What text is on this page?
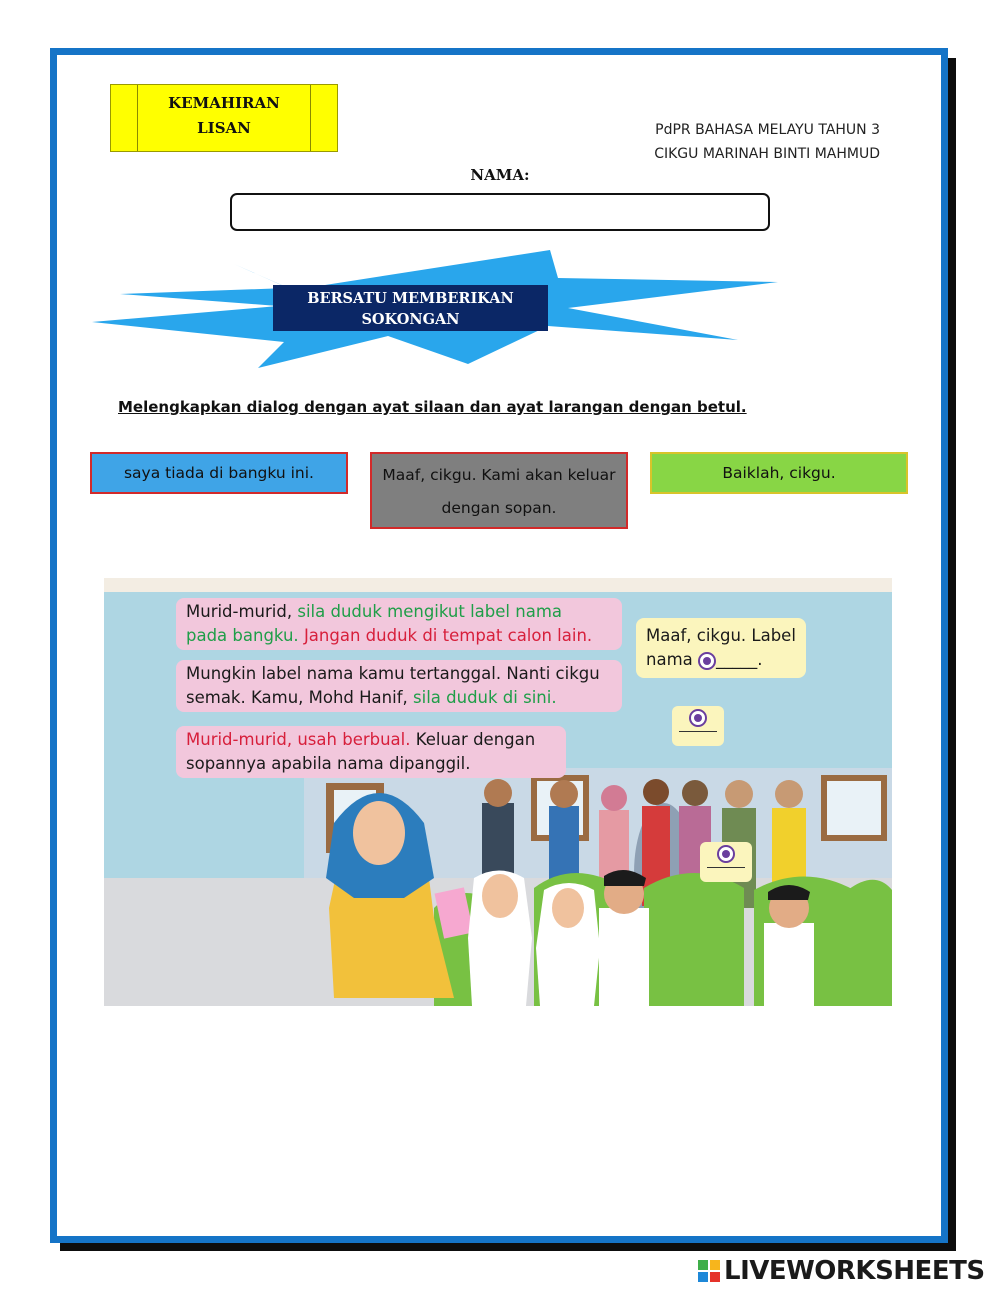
KEMAHIRAN
LISAN	PdPR BAHASA MELAYU TAHUN 3
CIKGU MARINAH BINTI MAHMUD
NAMA:
BERSATU MEMBERIKAN
SOKONGAN
Melengkapkan dialog dengan ayat silaan dan ayat larangan dengan betul.
saya tiada di bangku ini.	Maaf, cikgu. Kami akan keluar dengan sopan.
Baiklah, cikgu.
Murid-murid, sila duduk mengikut label nama
pada bangku. Jangan duduk di tempat calon lain.
Mungkin label nama kamu tertanggal. Nanti cikgu
semak. Kamu, Mohd Hanif, sila duduk di sini.
Murid-murid, usah berbual. Keluar dengan
sopannya apabila nama dipanggil.
Maaf, cikgu. Label
nama _____.
LIVEWORKSHEETS
